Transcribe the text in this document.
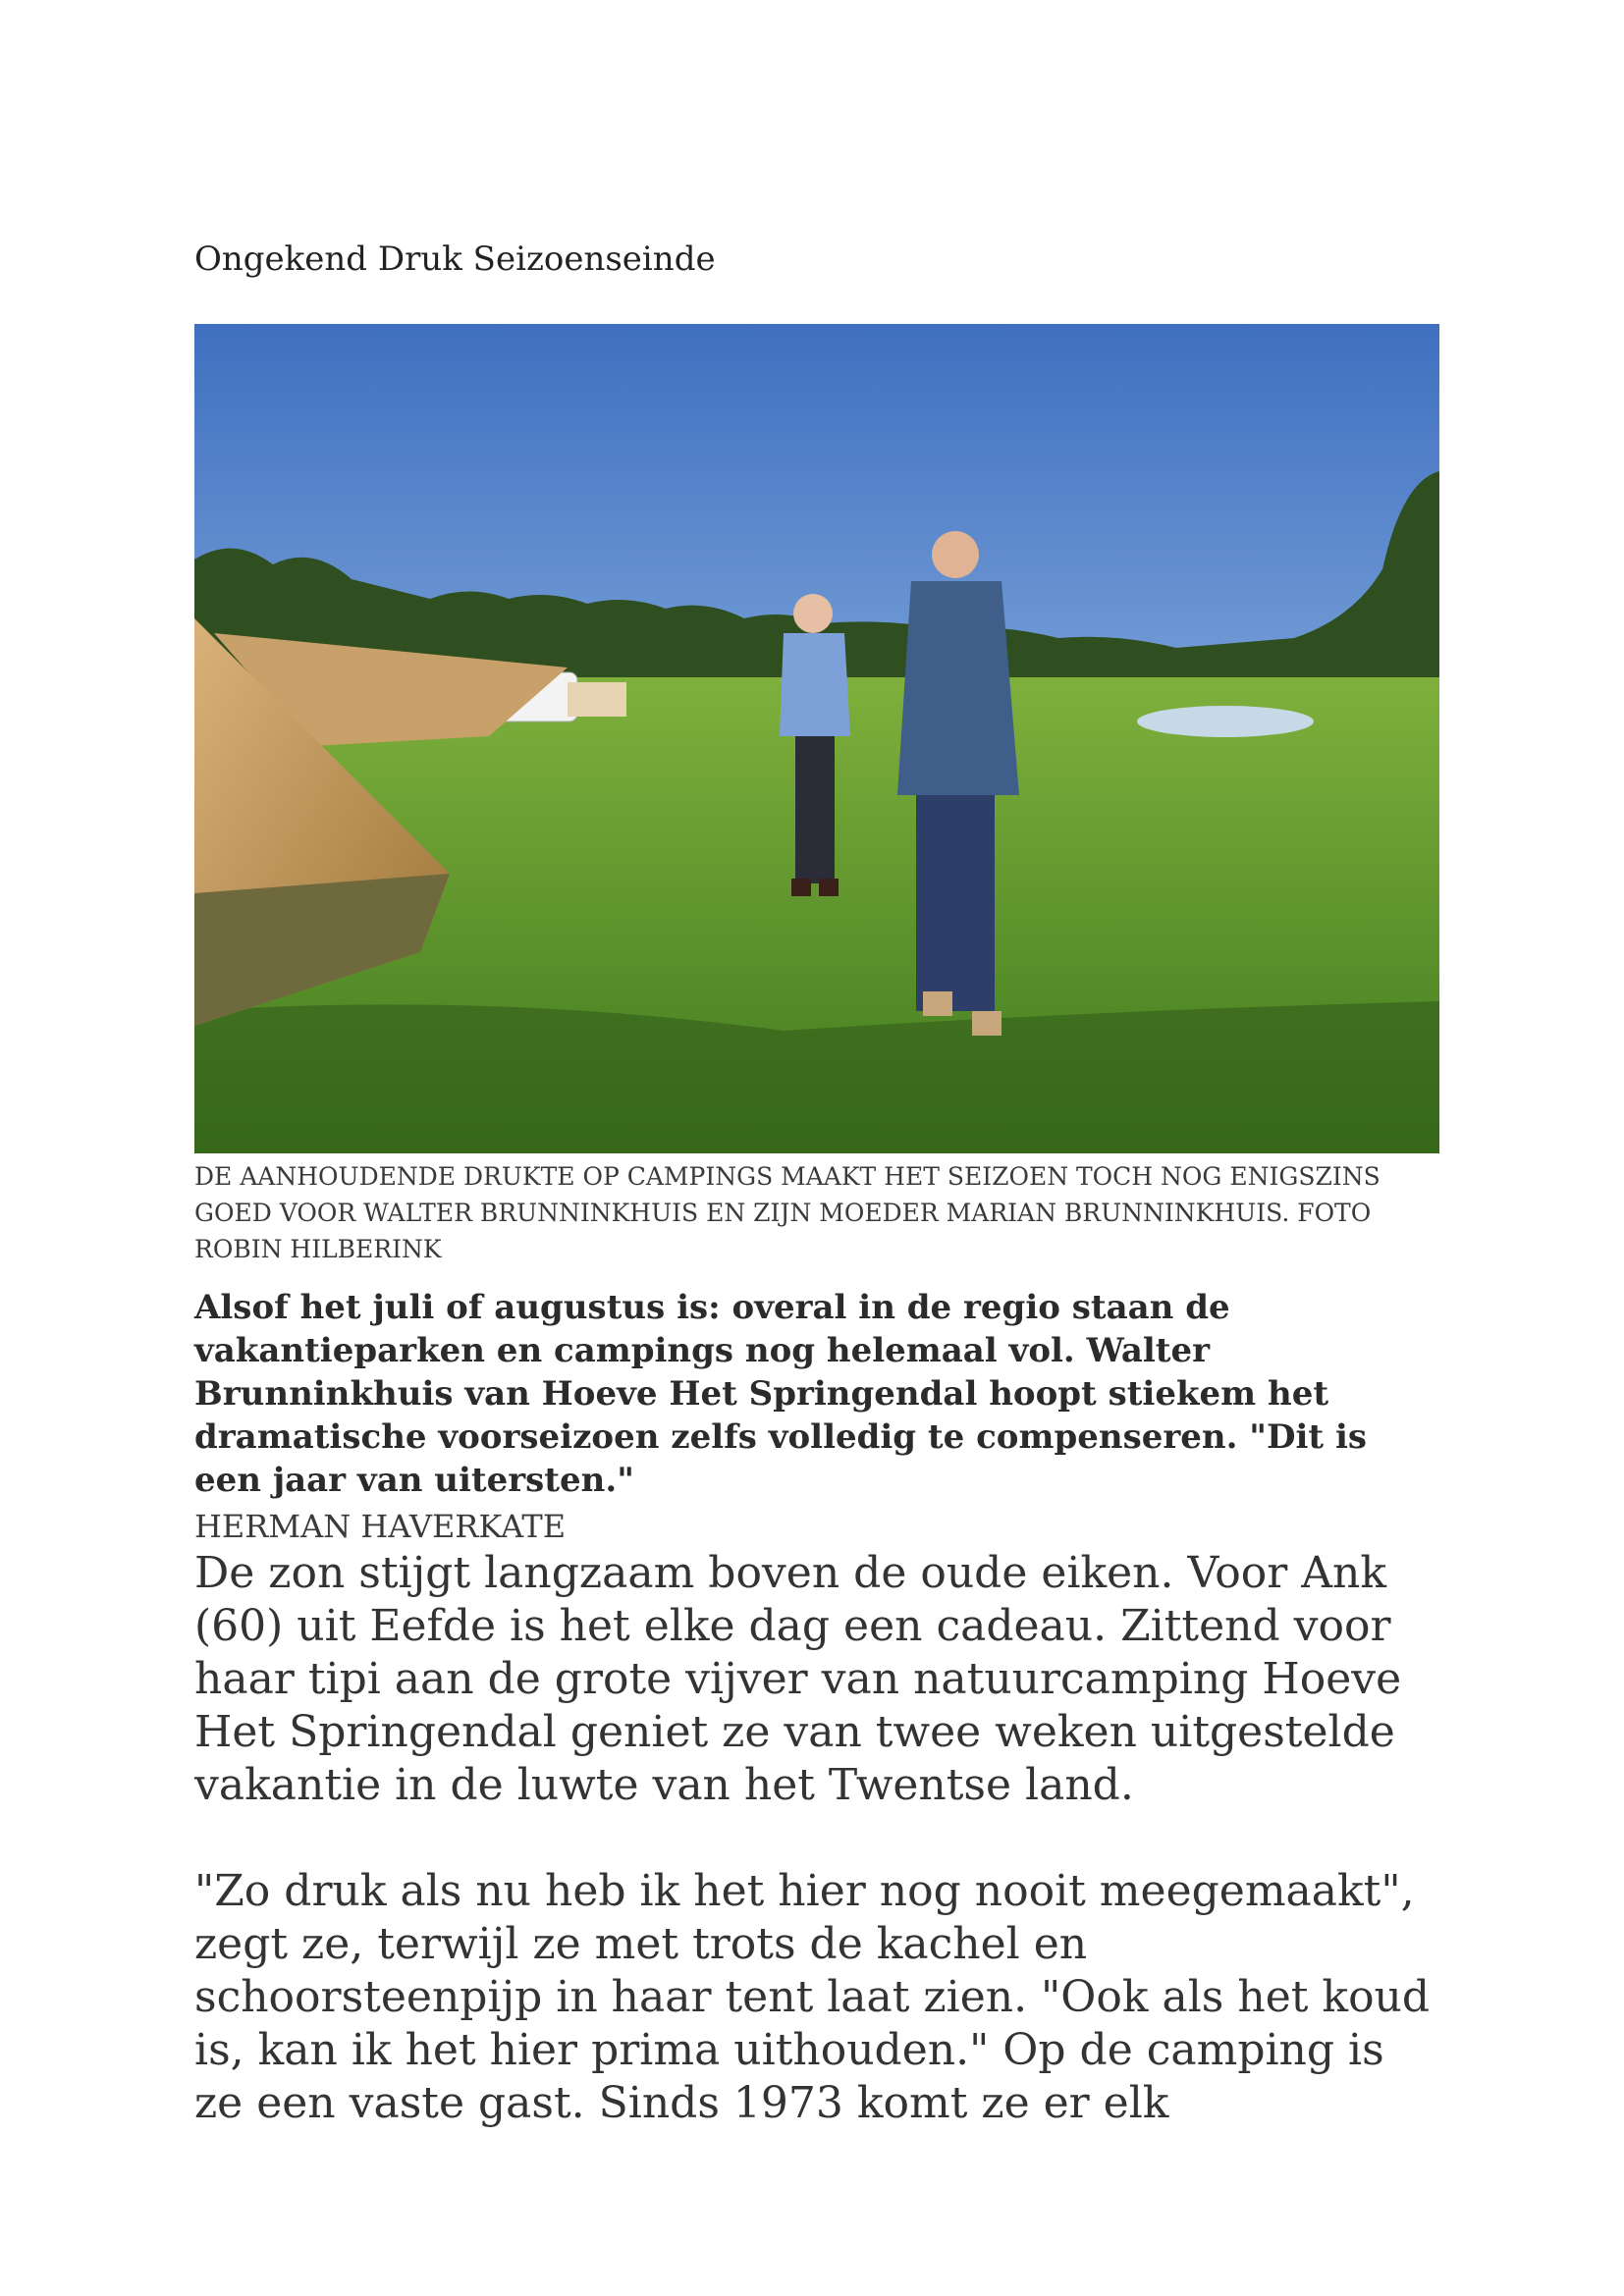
Ongekend Druk Seizoenseinde

DE AANHOUDENDE DRUKTE OP CAMPINGS MAAKT HET SEIZOEN TOCH NOG ENIGSZINS GOED VOOR WALTER BRUNNINKHUIS EN ZIJN MOEDER MARIAN BRUNNINKHUIS. FOTO ROBIN HILBERINK

Alsof het juli of augustus is: overal in de regio staan de vakantieparken en campings nog helemaal vol. Walter Brunninkhuis van Hoeve Het Springendal hoopt stiekem het dramatische voorseizoen zelfs volledig te compenseren. "Dit is een jaar van uitersten."

HERMAN HAVERKATE

De zon stijgt langzaam boven de oude eiken. Voor Ank (60) uit Eefde is het elke dag een cadeau. Zittend voor haar tipi aan de grote vijver van natuurcamping Hoeve Het Springendal geniet ze van twee weken uitgestelde vakantie in de luwte van het Twentse land.

"Zo druk als nu heb ik het hier nog nooit meegemaakt", zegt ze, terwijl ze met trots de kachel en schoorsteenpijp in haar tent laat zien. "Ook als het koud is, kan ik het hier prima uithouden." Op de camping is ze een vaste gast. Sinds 1973 komt ze er elk
